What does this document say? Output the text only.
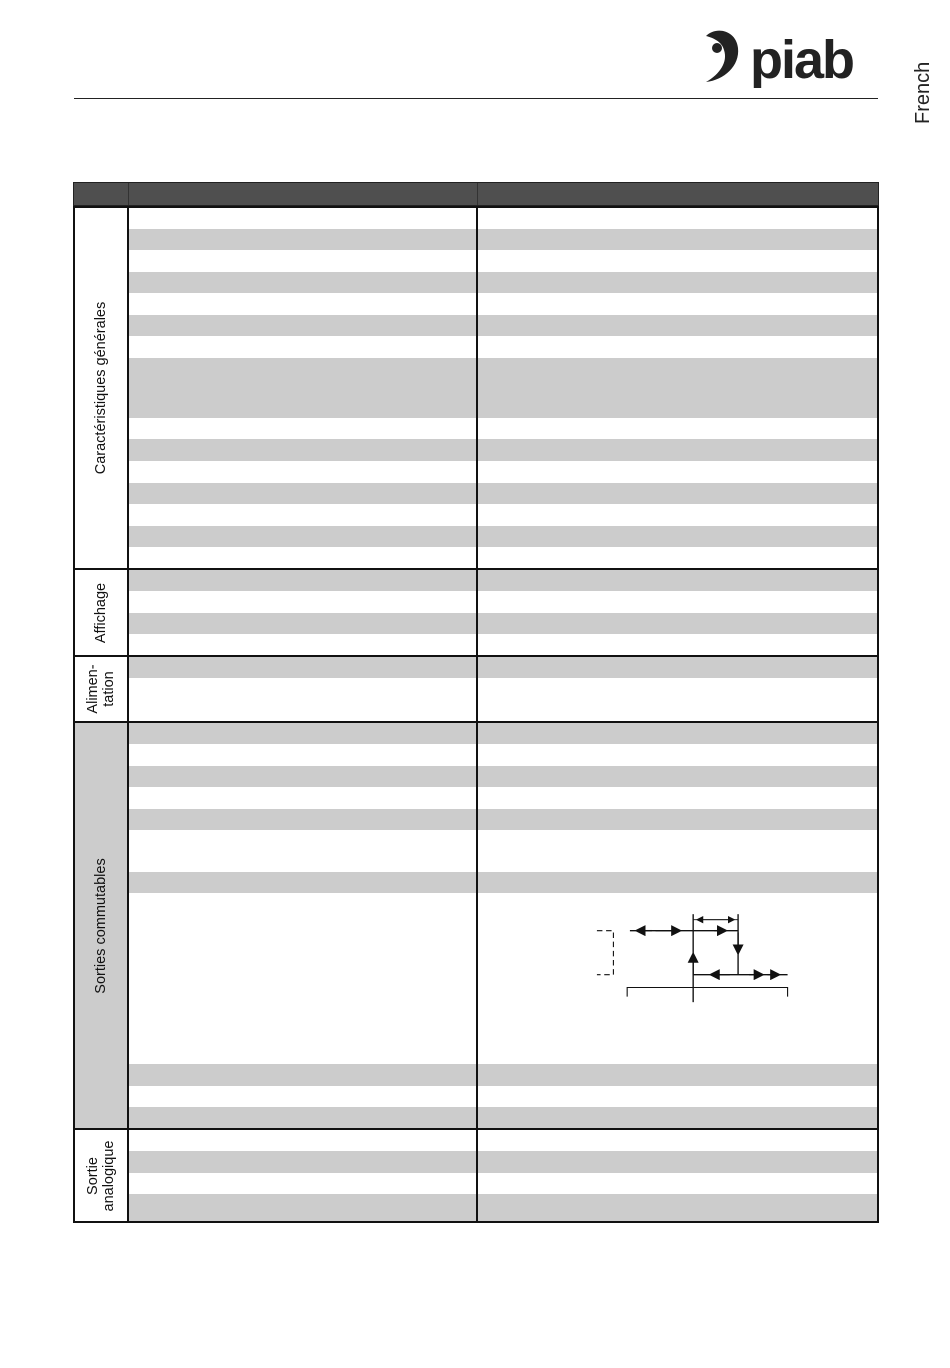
piab
French
Caractéristiques générales
Affichage
Alimen-
tation
Sorties commutables
Sortie
analogique
